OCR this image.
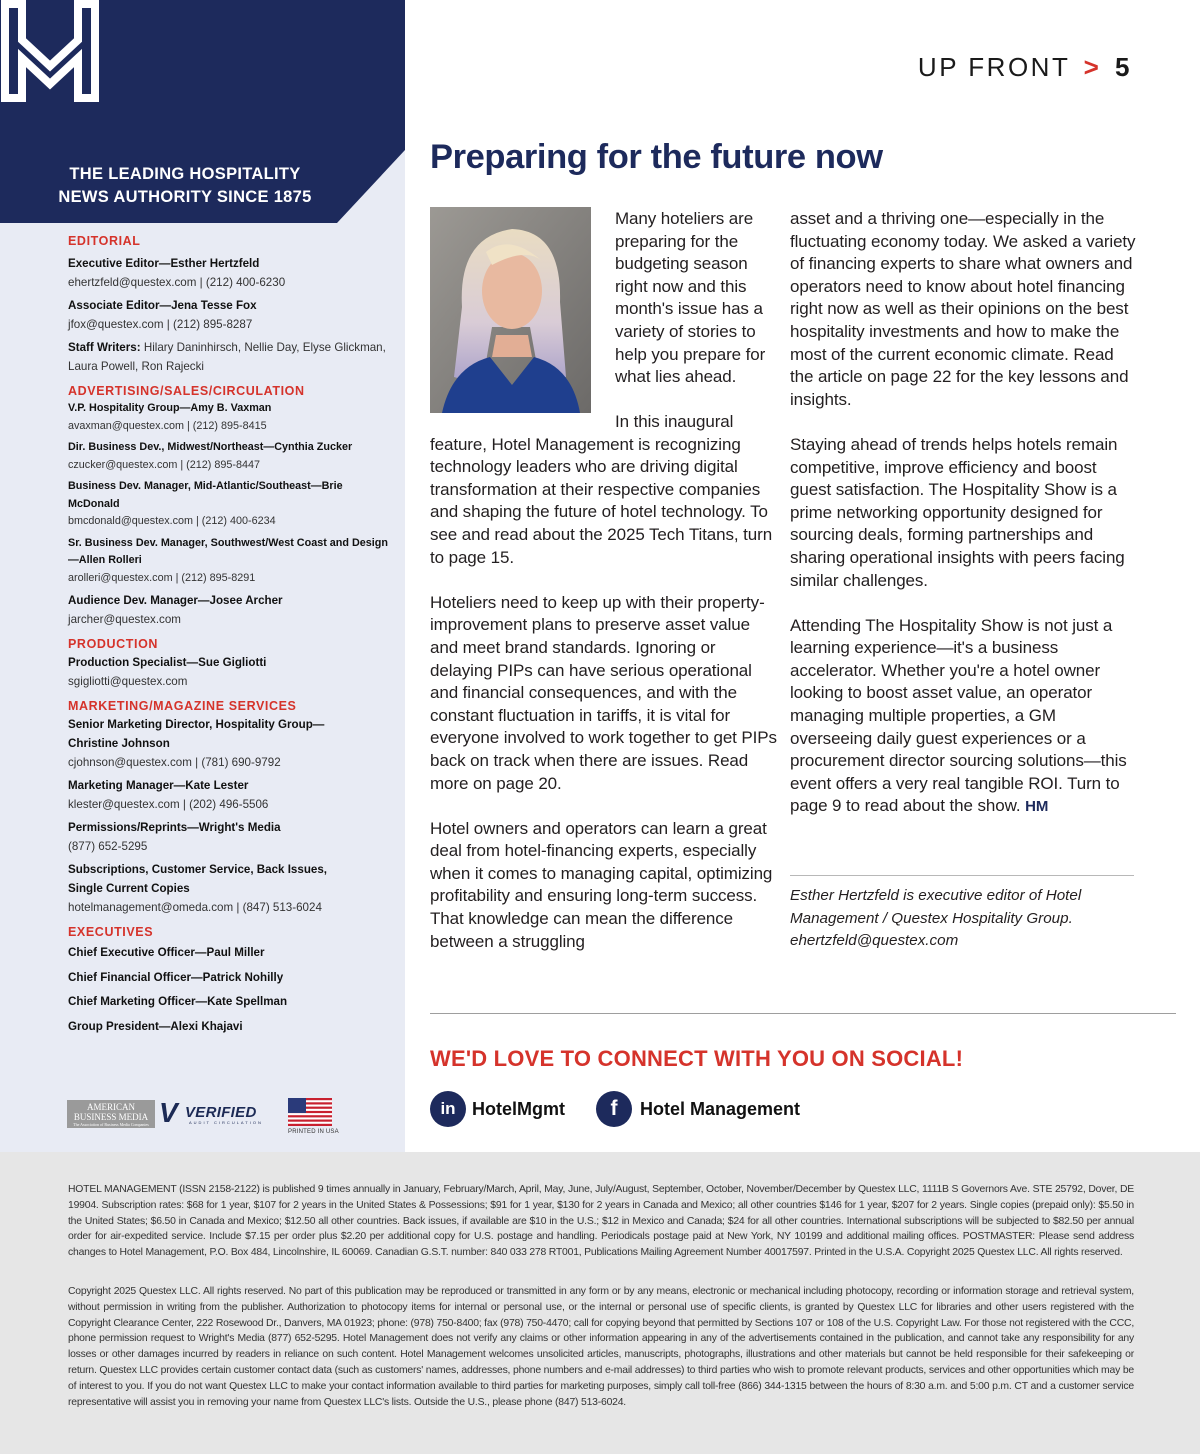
THE LEADING HOSPITALITY
NEWS AUTHORITY SINCE 1875
EDITORIAL
Executive Editor—Esther Hertzfeld
ehertzfeld@questex.com | (212) 400-6230
Associate Editor—Jena Tesse Fox
jfox@questex.com | (212) 895-8287
Staff Writers: Hilary Daninhirsch, Nellie Day, Elyse Glickman, Laura Powell, Ron Rajecki
ADVERTISING/SALES/CIRCULATION
V.P. Hospitality Group—Amy B. Vaxman
avaxman@questex.com | (212) 895-8415
Dir. Business Dev., Midwest/Northeast—Cynthia Zucker
czucker@questex.com | (212) 895-8447
Business Dev. Manager, Mid-Atlantic/Southeast—Brie McDonald
bmcdonald@questex.com | (212) 400-6234
Sr. Business Dev. Manager, Southwest/West Coast and Design—Allen Rolleri
arolleri@questex.com | (212) 895-8291
Audience Dev. Manager—Josee Archer
jarcher@questex.com
PRODUCTION
Production Specialist—Sue Gigliotti
sgigliotti@questex.com
MARKETING/MAGAZINE SERVICES
Senior Marketing Director, Hospitality Group—Christine Johnson
cjohnson@questex.com | (781) 690-9792
Marketing Manager—Kate Lester
klester@questex.com | (202) 496-5506
Permissions/Reprints—Wright's Media
(877) 652-5295
Subscriptions, Customer Service, Back Issues, Single Current Copies
hotelmanagement@omeda.com | (847) 513-6024
EXECUTIVES
Chief Executive Officer—Paul Miller
Chief Financial Officer—Patrick Nohilly
Chief Marketing Officer—Kate Spellman
Group President—Alexi Khajavi
AMERICAN
BUSINESS MEDIA
The Association of Business Media Companies V VERIFIED
AUDIT CIRCULATION
PRINTED IN USA
UP FRONT > 5
Preparing for the future now

Many hoteliers are preparing for the budgeting season right now and this month's issue has a variety of stories to help you prepare for what lies ahead.

In this inaugural

feature, Hotel Management is recognizing technology leaders who are driving digital transformation at their respective companies and shaping the future of hotel technology. To see and read about the 2025 Tech Titans, turn to page 15.

Hoteliers need to keep up with their property-improvement plans to preserve asset value and meet brand standards. Ignoring or delaying PIPs can have serious operational and financial consequences, and with the constant fluctuation in tariffs, it is vital for everyone involved to work together to get PIPs back on track when there are issues. Read more on page 20.

Hotel owners and operators can learn a great deal from hotel-financing experts, especially when it comes to managing capital, optimizing profitability and ensuring long-term success. That knowledge can mean the difference between a struggling

asset and a thriving one—especially in the fluctuating economy today. We asked a variety of financing experts to share what owners and operators need to know about hotel financing right now as well as their opinions on the best hospitality investments and how to make the most of the current economic climate. Read the article on page 22 for the key lessons and insights.

Staying ahead of trends helps hotels remain competitive, improve efficiency and boost guest satisfaction. The Hospitality Show is a prime networking opportunity designed for sourcing deals, forming partnerships and sharing operational insights with peers facing similar challenges.

Attending The Hospitality Show is not just a learning experience—it's a business accelerator. Whether you're a hotel owner looking to boost asset value, an operator managing multiple properties, a GM overseeing daily guest experiences or a procurement director sourcing solutions—this event offers a very real tangible ROI. Turn to page 9 to read about the show. HM

Esther Hertzfeld is executive editor of Hotel
Management / Questex Hospitality Group.
ehertzfeld@questex.com
WE'D LOVE TO CONNECT WITH YOU ON SOCIAL!
in HotelMgmt f Hotel Management

HOTEL MANAGEMENT (ISSN 2158-2122) is published 9 times annually in January, February/March, April, May, June, July/August, September, October, November/December by Questex LLC, 1111B S Governors Ave. STE 25792, Dover, DE 19904. Subscription rates: $68 for 1 year, $107 for 2 years in the United States & Possessions; $91 for 1 year, $130 for 2 years in Canada and Mexico; all other countries $146 for 1 year, $207 for 2 years. Single copies (prepaid only): $5.50 in the United States; $6.50 in Canada and Mexico; $12.50 all other countries. Back issues, if available are $10 in the U.S.; $12 in Mexico and Canada; $24 for all other countries. International subscriptions will be subjected to $82.50 per annual order for air-expedited service. Include $7.15 per order plus $2.20 per additional copy for U.S. postage and handling. Periodicals postage paid at New York, NY 10199 and additional mailing offices. POSTMASTER: Please send address changes to Hotel Management, P.O. Box 484, Lincolnshire, IL 60069. Canadian G.S.T. number: 840 033 278 RT001, Publications Mailing Agreement Number 40017597. Printed in the U.S.A. Copyright 2025 Questex LLC. All rights reserved.

Copyright 2025 Questex LLC. All rights reserved. No part of this publication may be reproduced or transmitted in any form or by any means, electronic or mechanical including photocopy, recording or information storage and retrieval system, without permission in writing from the publisher. Authorization to photocopy items for internal or personal use, or the internal or personal use of specific clients, is granted by Questex LLC for libraries and other users registered with the Copyright Clearance Center, 222 Rosewood Dr., Danvers, MA 01923; phone: (978) 750-8400; fax (978) 750-4470; call for copying beyond that permitted by Sections 107 or 108 of the U.S. Copyright Law. For those not registered with the CCC, phone permission request to Wright's Media (877) 652-5295. Hotel Management does not verify any claims or other information appearing in any of the advertisements contained in the publication, and cannot take any responsibility for any losses or other damages incurred by readers in reliance on such content. Hotel Management welcomes unsolicited articles, manuscripts, photographs, illustrations and other materials but cannot be held responsible for their safekeeping or return. Questex LLC provides certain customer contact data (such as customers' names, addresses, phone numbers and e-mail addresses) to third parties who wish to promote relevant products, services and other opportunities which may be of interest to you. If you do not want Questex LLC to make your contact information available to third parties for marketing purposes, simply call toll-free (866) 344-1315 between the hours of 8:30 a.m. and 5:00 p.m. CT and a customer service representative will assist you in removing your name from Questex LLC's lists. Outside the U.S., please phone (847) 513-6024.
